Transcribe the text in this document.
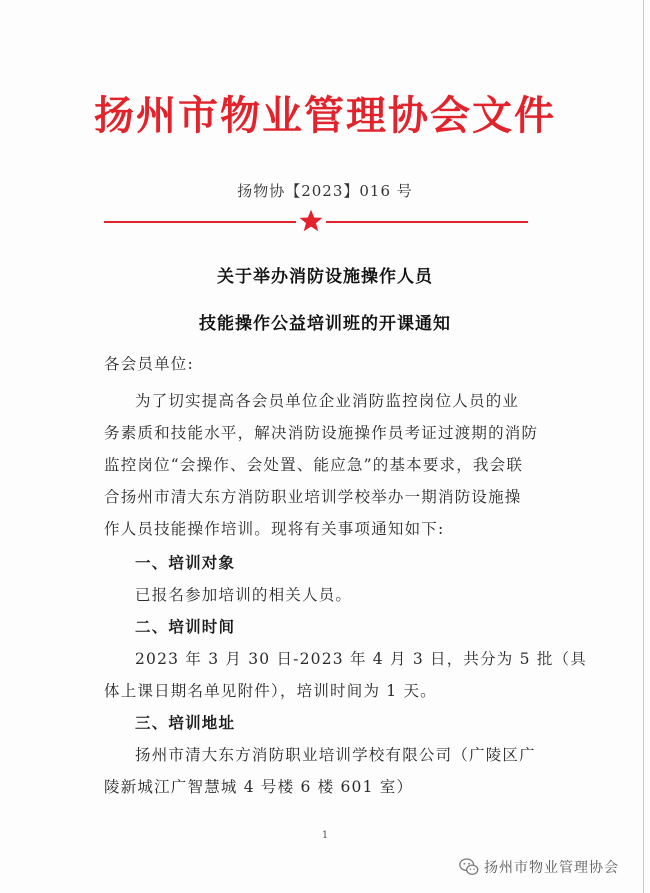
扬州市物业管理协会文件
扬物协【2023】016 号
关于举办消防设施操作人员
技能操作公益培训班的开课通知
各会员单位:
为了切实提高各会员单位企业消防监控岗位人员的业
务素质和技能水平，解决消防设施操作员考证过渡期的消防
监控岗位“会操作、会处置、能应急”的基本要求，我会联
合扬州市清大东方消防职业培训学校举办一期消防设施操
作人员技能操作培训。现将有关事项通知如下:
一、培训对象
已报名参加培训的相关人员。
二、培训时间
2023 年 3 月 30 日-2023 年 4 月 3 日，共分为 5 批（具
体上课日期名单见附件），培训时间为 1 天。
三、培训地址
扬州市清大东方消防职业培训学校有限公司（广陵区广
陵新城江广智慧城 4 号楼 6 楼 601 室）
1
扬州市物业管理协会
